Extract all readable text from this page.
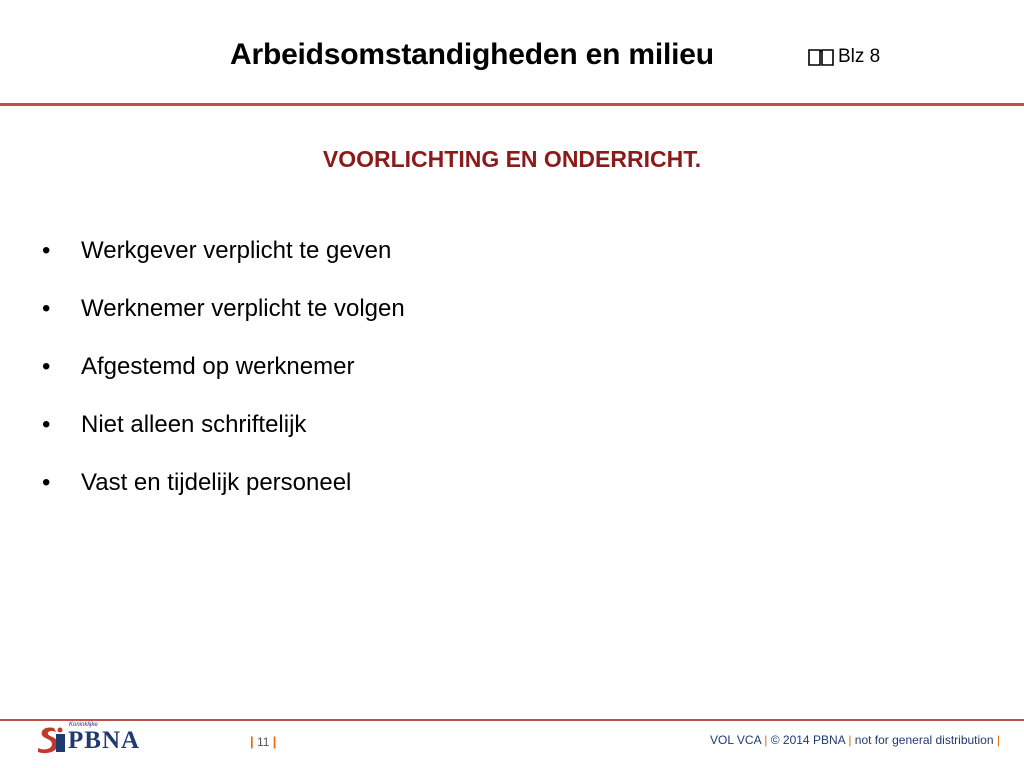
Arbeidsomstandigheden en milieu	Blz 8
VOORLICHTING EN ONDERRICHT.
• Werkgever verplicht te geven
• Werknemer verplicht te volgen
• Afgestemd op werknemer
• Niet alleen schriftelijk
• Vast en tijdelijk personeel
Koninklijke
PBNA	| 11 |	VOL VCA | © 2014 PBNA | not for general distribution |
